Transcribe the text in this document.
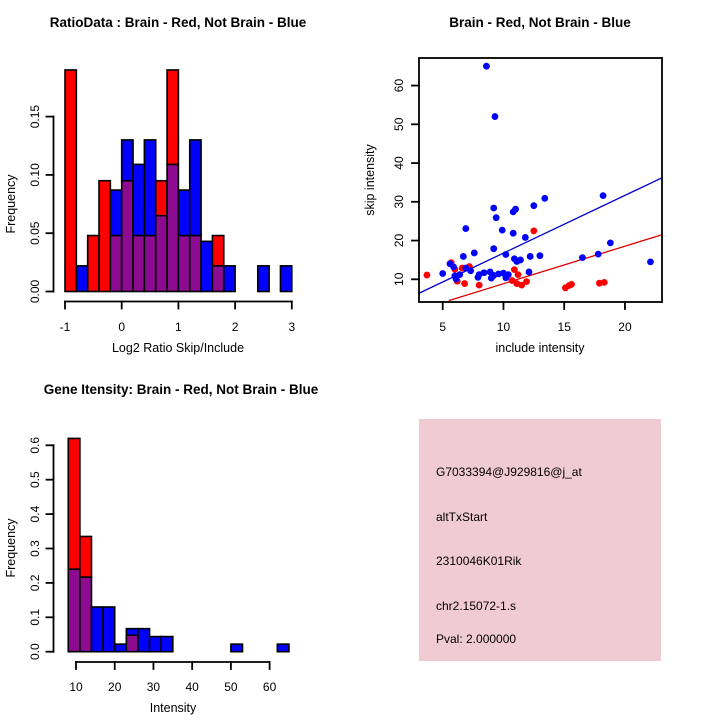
RatioData : Brain - Red, Not Brain - Blue
Log2 Ratio Skip/Include
Frequency
0.00
0.05
0.10
0.15
-1	0	1	2	3
Brain - Red, Not Brain - Blue
include intensity
skip intensity
5	10	15	20
10
20
30
40
50
60
Gene Itensity: Brain - Red, Not Brain - Blue
Intensity
Frequency
0.0
0.1
0.2
0.3
0.4
0.5
0.6
10 20 30 40 50 60
G7033394@J929816@j_at
altTxStart
2310046K01Rik
chr2.15072-1.s
Pval: 2.000000
